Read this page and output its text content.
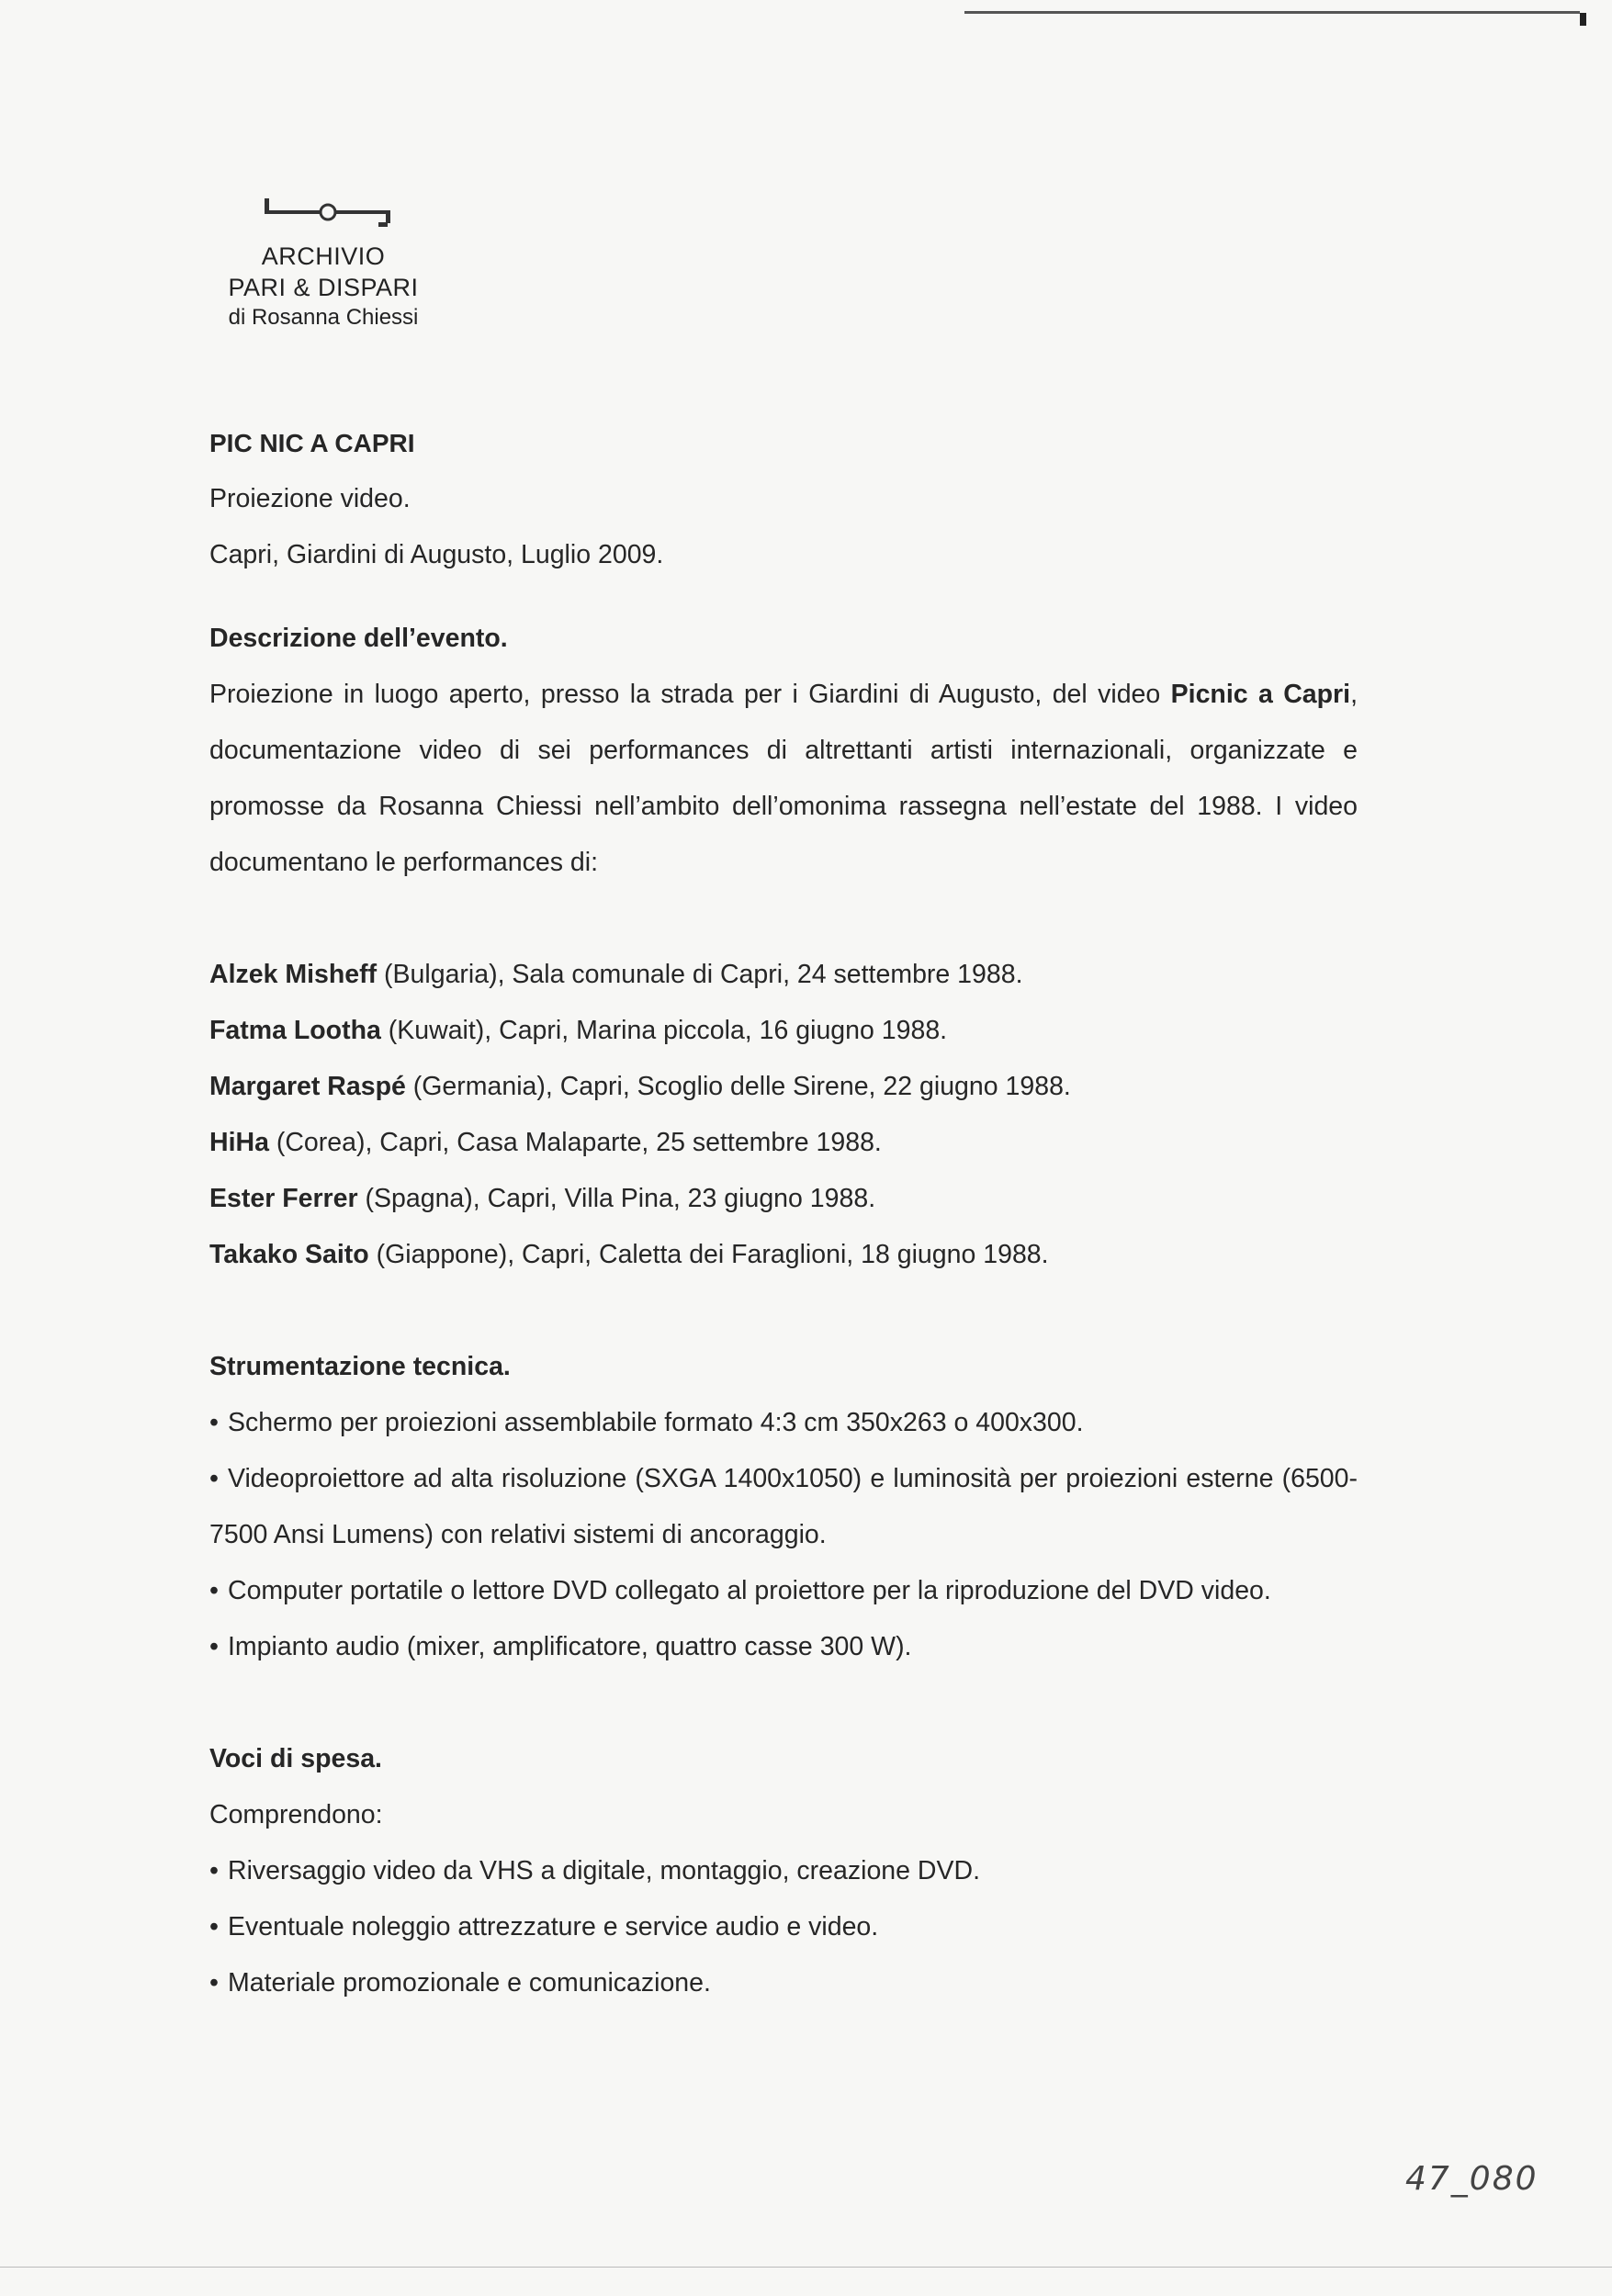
ARCHIVIO
PARI & DISPARI
di Rosanna Chiessi

PIC NIC A CAPRI

Proiezione video.

Capri, Giardini di Augusto, Luglio 2009.

Descrizione dell’evento.

Proiezione in luogo aperto, presso la strada per i Giardini di Augusto, del video Picnic a Capri, documentazione video di sei performances di altrettanti artisti internazionali, organizzate e promosse da Rosanna Chiessi nell’ambito dell’omonima rassegna nell’estate del 1988. I video documentano le performances di:

Alzek Misheff (Bulgaria), Sala comunale di Capri, 24 settembre 1988.

Fatma Lootha (Kuwait), Capri, Marina piccola, 16 giugno 1988.

Margaret Raspé (Germania), Capri, Scoglio delle Sirene, 22 giugno 1988.

HiHa (Corea), Capri, Casa Malaparte, 25 settembre 1988.

Ester Ferrer (Spagna), Capri, Villa Pina, 23 giugno 1988.

Takako Saito (Giappone), Capri, Caletta dei Faraglioni, 18 giugno 1988.

Strumentazione tecnica.

• Schermo per proiezioni assemblabile formato 4:3 cm 350x263 o 400x300.

• Videoproiettore ad alta risoluzione (SXGA 1400x1050) e luminosità per proiezioni esterne (6500-7500 Ansi Lumens) con relativi sistemi di ancoraggio.

• Computer portatile o lettore DVD collegato al proiettore per la riproduzione del DVD video.

• Impianto audio (mixer, amplificatore, quattro casse 300 W).

Voci di spesa.

Comprendono:

• Riversaggio video da VHS a digitale, montaggio, creazione DVD.

• Eventuale noleggio attrezzature e service audio e video.

• Materiale promozionale e comunicazione.

47_080
